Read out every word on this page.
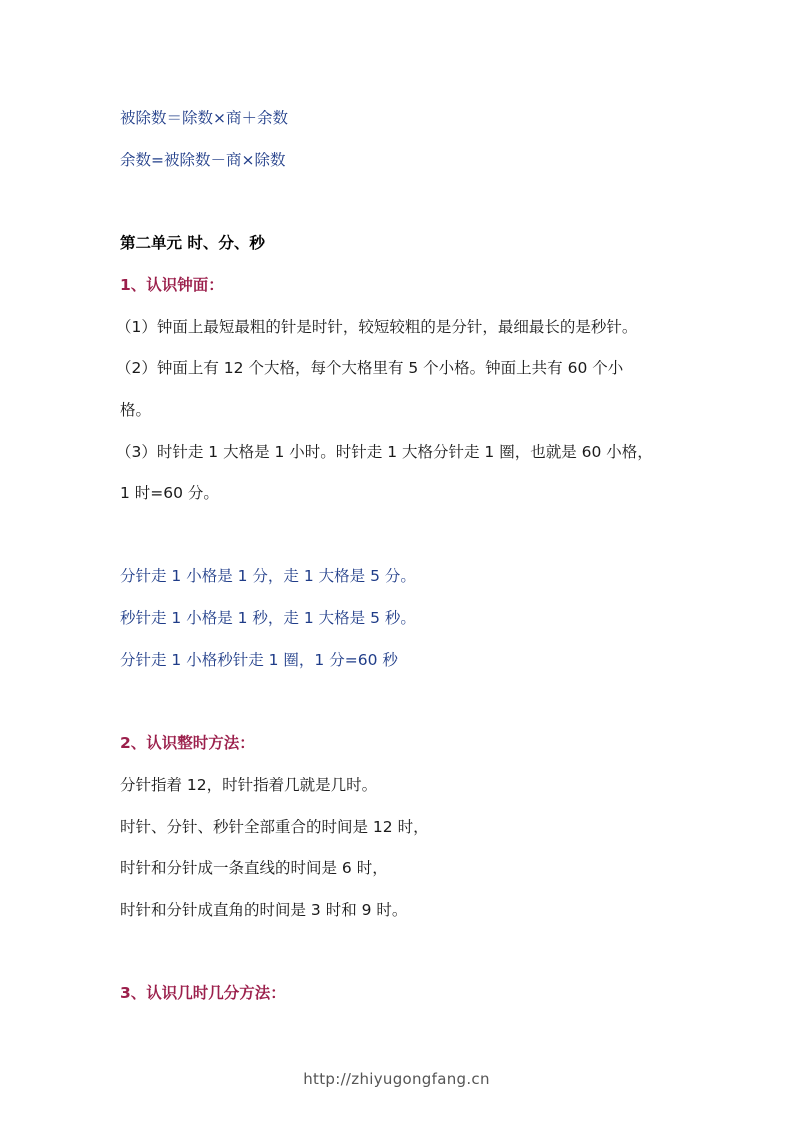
被除数＝除数×商＋余数
余数=被除数－商×除数
第二单元 时、分、秒
1、认识钟面：
（1）钟面上最短最粗的针是时针，较短较粗的是分针，最细最长的是秒针。
（2）钟面上有 12 个大格，每个大格里有 5 个小格。钟面上共有 60 个小
格。
（3）时针走 1 大格是 1 小时。时针走 1 大格分针走 1 圈，也就是 60 小格，
1 时=60 分。
分针走 1 小格是 1 分，走 1 大格是 5 分。
秒针走 1 小格是 1 秒，走 1 大格是 5 秒。
分针走 1 小格秒针走 1 圈，1 分=60 秒
2、认识整时方法：
分针指着 12，时针指着几就是几时。
时针、分针、秒针全部重合的时间是 12 时，
时针和分针成一条直线的时间是 6 时，
时针和分针成直角的时间是 3 时和 9 时。
3、认识几时几分方法：
http://zhiyugongfang.cn
